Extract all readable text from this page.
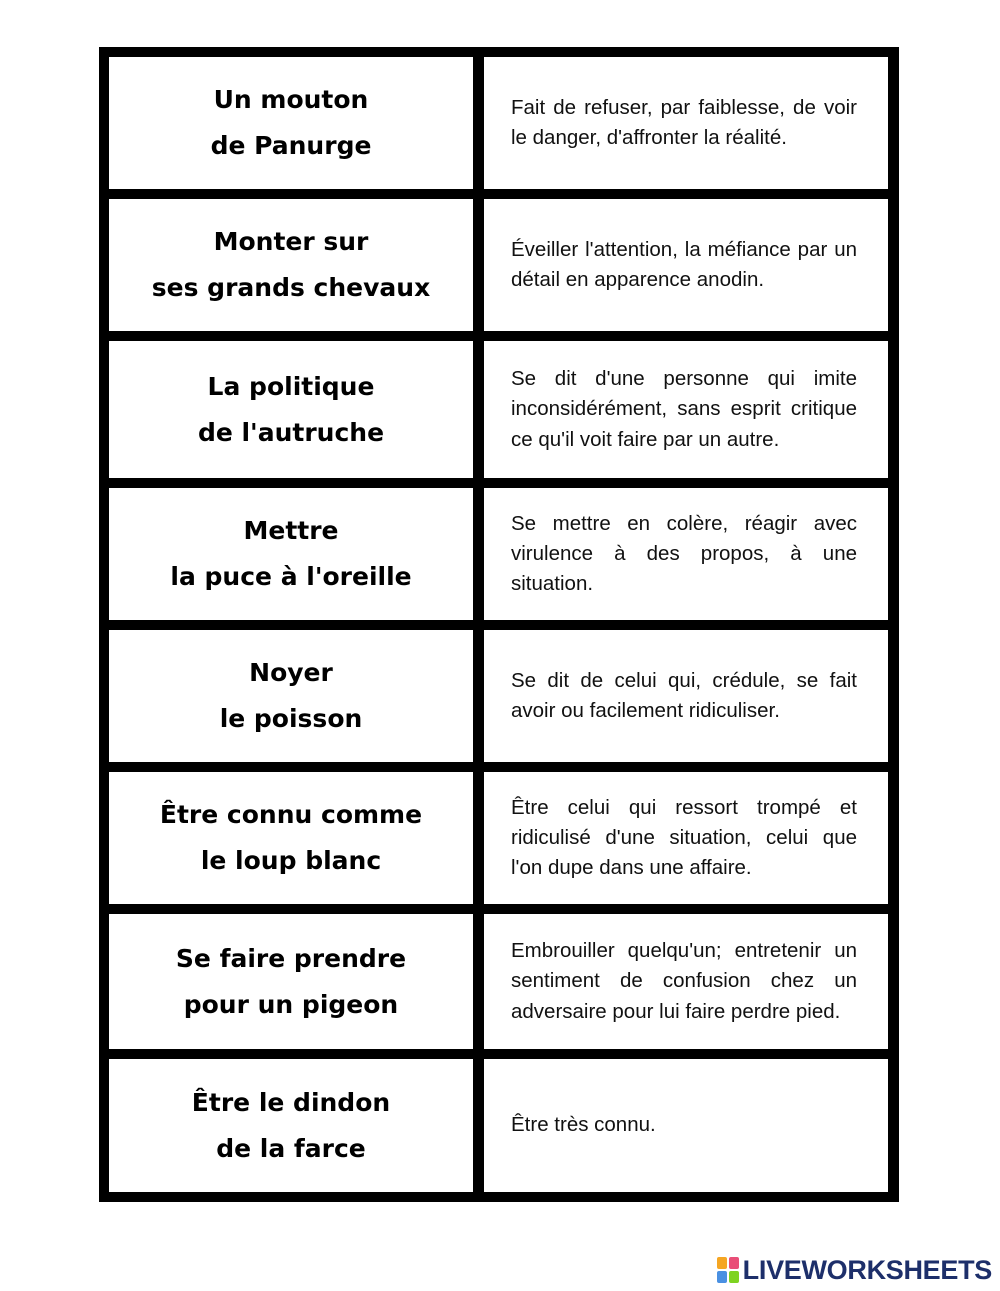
Un mouton
de Panurge
Fait de refuser, par faiblesse, de voir le danger, d'affronter la réalité.
Monter sur
ses grands chevaux
Éveiller l'attention, la méfiance par un détail en apparence anodin.
La politique
de l'autruche
Se dit d'une personne qui imite inconsidérément, sans esprit critique ce qu'il voit faire par un autre.
Mettre
la puce à l'oreille
Se mettre en colère, réagir avec virulence à des propos, à une situation.
Noyer
le poisson
Se dit de celui qui, crédule, se fait avoir ou facilement ridiculiser.
Être connu comme
le loup blanc
Être celui qui ressort trompé et ridiculisé d'une situation, celui que l'on dupe dans une affaire.
Se faire prendre
pour un pigeon
Embrouiller quelqu'un; entretenir un sentiment de confusion chez un adversaire pour lui faire perdre pied.
Être le dindon
de la farce
Être très connu.
LIVEWORKSHEETS
